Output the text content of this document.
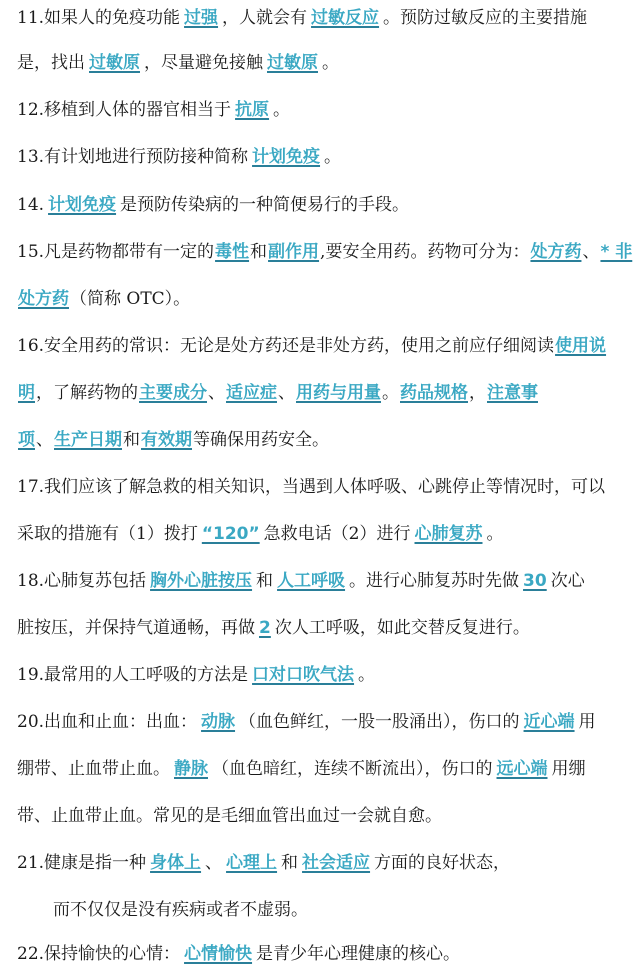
11.如果人的免疫功能 过强 ，人就会有 过敏反应 。预防过敏反应的主要措施
是，找出 过敏原 ，尽量避免接触 过敏原 。
12.移植到人体的器官相当于 抗原 。
13.有计划地进行预防接种简称 计划免疫 。
14. 计划免疫 是预防传染病的一种简便易行的手段。
15.凡是药物都带有一定的毒性和副作用,要安全用药。药物可分为：处方药、* 非
处方药（简称 OTC）。
16.安全用药的常识：无论是处方药还是非处方药，使用之前应仔细阅读使用说
明，了解药物的主要成分、适应症、用药与用量。药品规格，注意事
项、生产日期和有效期等确保用药安全。
17.我们应该了解急救的相关知识，当遇到人体呼吸、心跳停止等情况时，可以
采取的措施有（1）拨打 “120” 急救电话（2）进行 心肺复苏 。
18.心肺复苏包括 胸外心脏按压 和 人工呼吸 。进行心肺复苏时先做 30 次心
脏按压，并保持气道通畅，再做 2 次人工呼吸，如此交替反复进行。
19.最常用的人工呼吸的方法是 口对口吹气法 。
20.出血和止血：出血： 动脉 （血色鲜红，一股一股涌出），伤口的 近心端 用
绷带、止血带止血。 静脉 （血色暗红，连续不断流出），伤口的 远心端 用绷
带、止血带止血。常见的是毛细血管出血过一会就自愈。
21.健康是指一种 身体上 、 心理上 和 社会适应 方面的良好状态，
而不仅仅是没有疾病或者不虚弱。
22.保持愉快的心情： 心情愉快 是青少年心理健康的核心。
